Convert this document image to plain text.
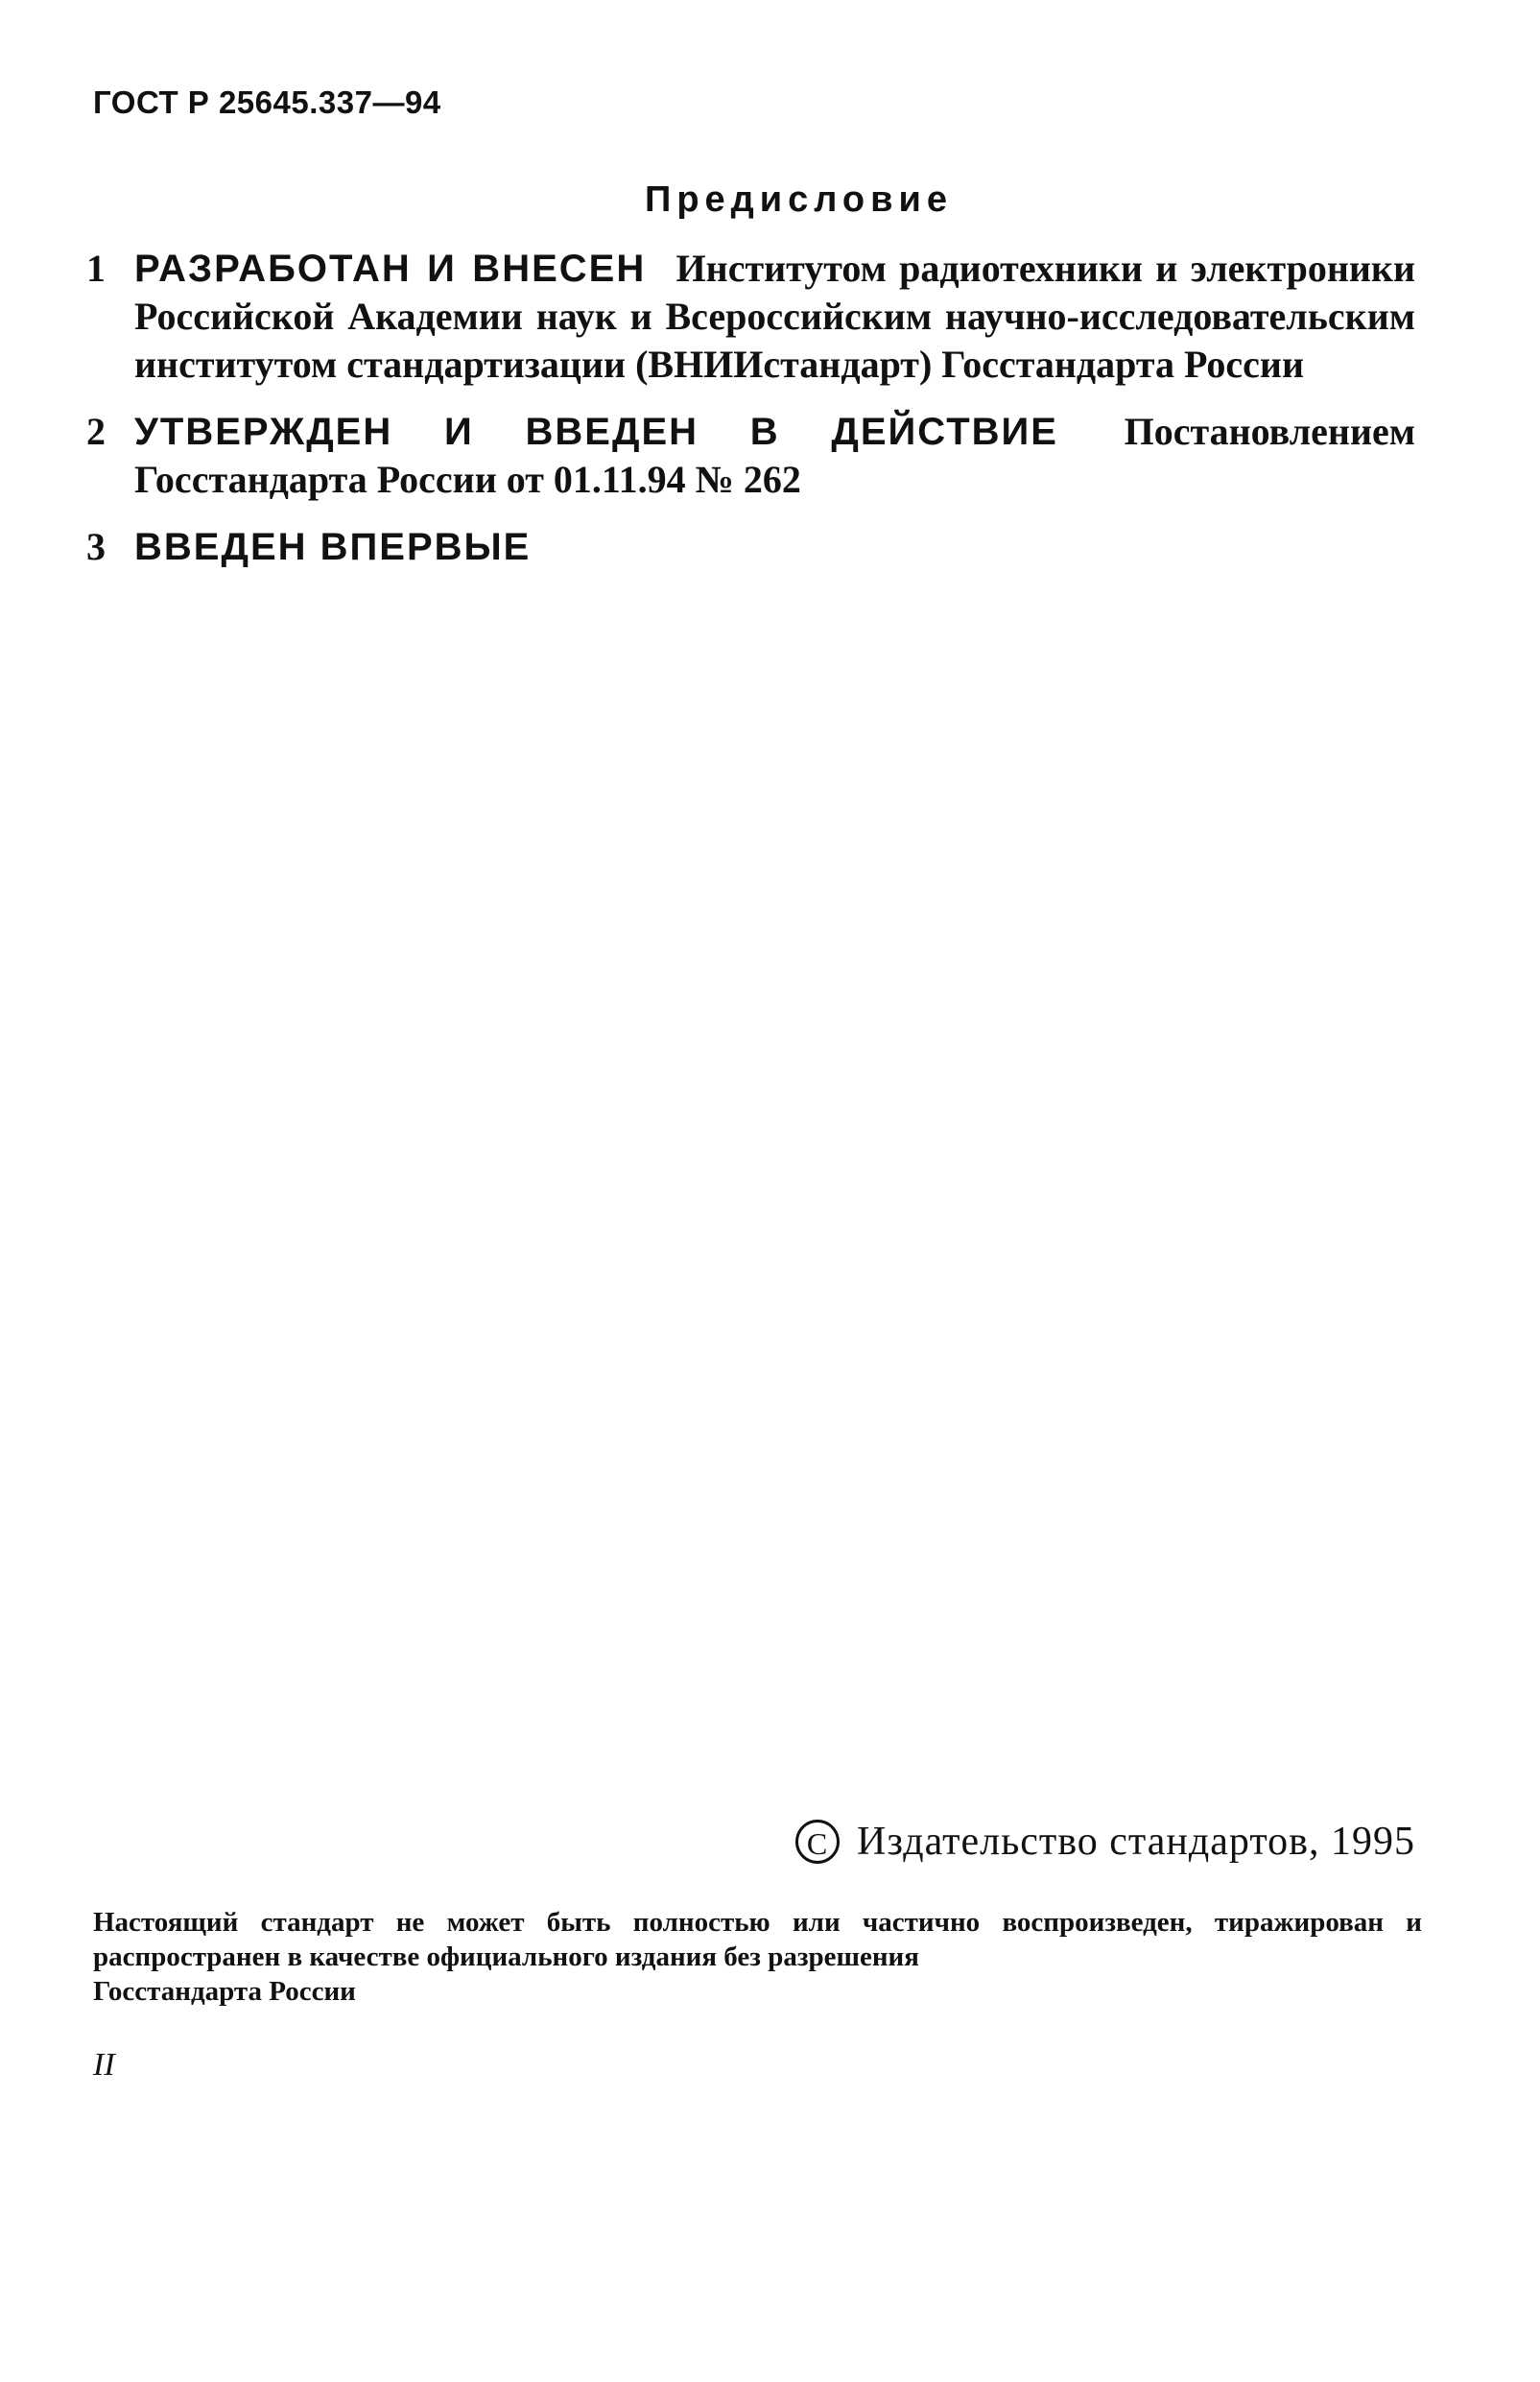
ГОСТ Р 25645.337—94
Предисловие
1 РАЗРАБОТАН И ВНЕСЕН Институтом радиотехники и электроники Российской Академии наук и Всероссийским научно-исследовательским институтом стандартизации (ВНИИстандарт) Госстандарта России
2 УТВЕРЖДЕН И ВВЕДЕН В ДЕЙСТВИЕ Постановлением Госстандарта России от 01.11.94 № 262
3 ВВЕДЕН ВПЕРВЫЕ
C Издательство стандартов, 1995
Настоящий стандарт не может быть полностью или частично воспроизведен, тиражирован и распространен в качестве официального издания без разрешения
Госстандарта России
II
